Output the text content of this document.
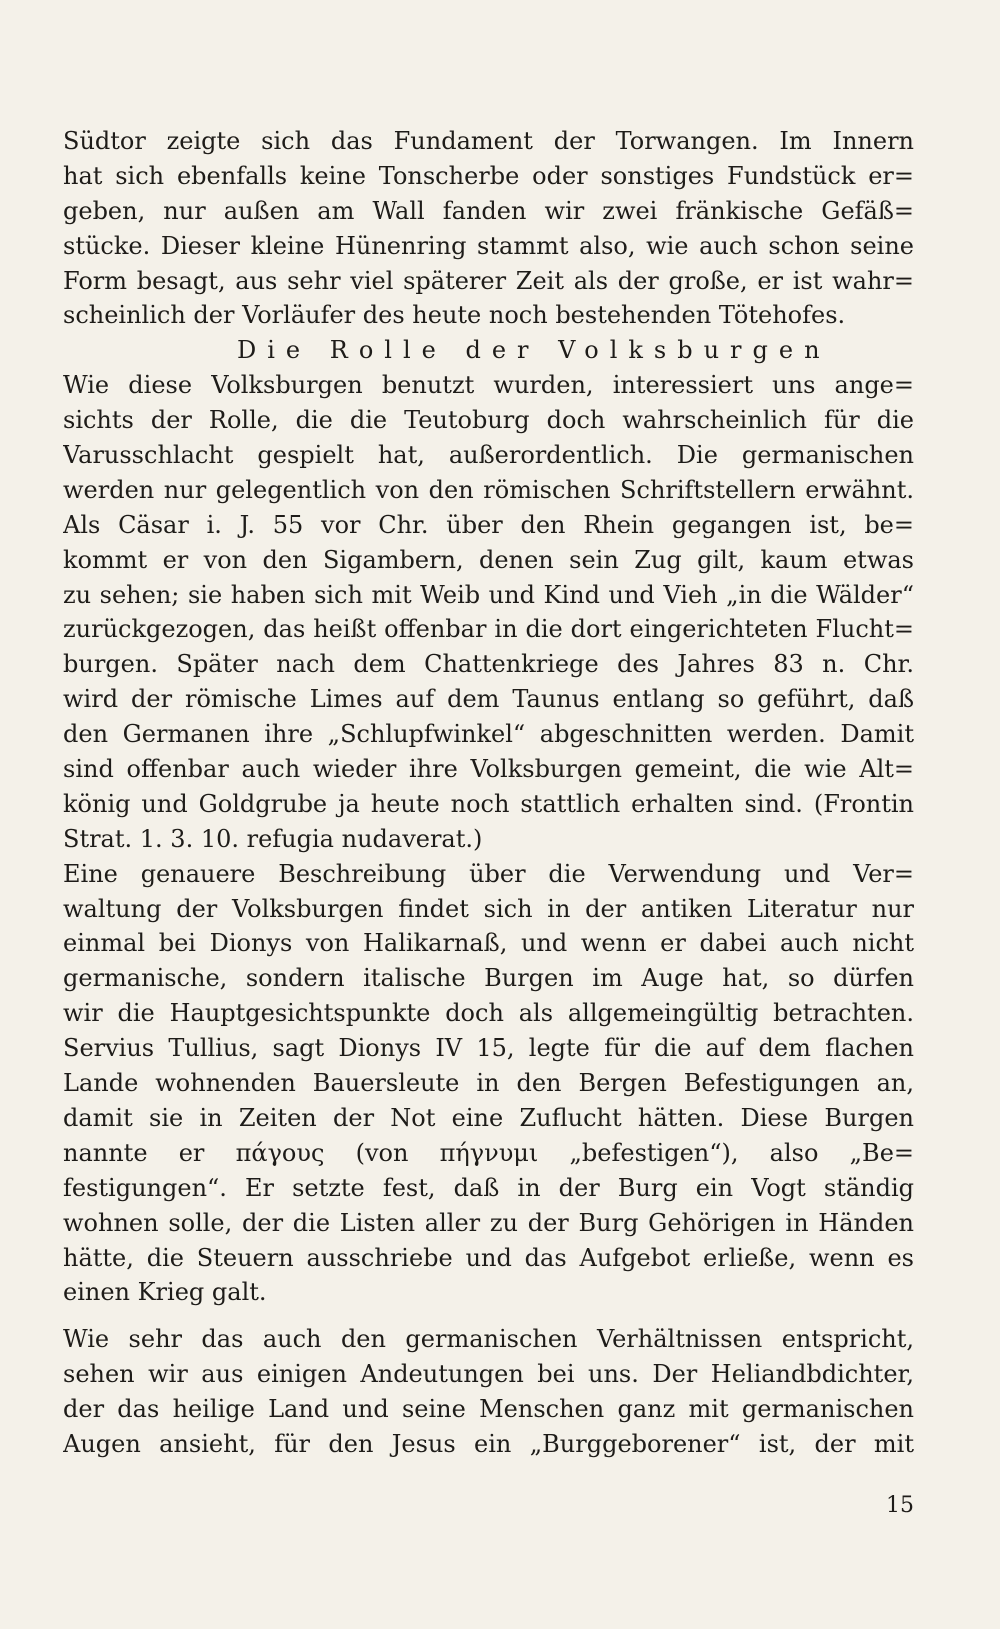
Südtor zeigte sich das Fundament der Torwangen. Im Innern
hat sich ebenfalls keine Tonscherbe oder sonstiges Fundstück er=
geben, nur außen am Wall fanden wir zwei fränkische Gefäß=
stücke. Dieser kleine Hünenring stammt also, wie auch schon seine
Form besagt, aus sehr viel späterer Zeit als der große, er ist wahr=
scheinlich der Vorläufer des heute noch bestehenden Tötehofes.
Die Rolle der Volksburgen
Wie diese Volksburgen benutzt wurden, interessiert uns ange=
sichts der Rolle, die die Teutoburg doch wahrscheinlich für die
Varusschlacht gespielt hat, außerordentlich. Die germanischen
werden nur gelegentlich von den römischen Schriftstellern erwähnt.
Als Cäsar i. J. 55 vor Chr. über den Rhein gegangen ist, be=
kommt er von den Sigambern, denen sein Zug gilt, kaum etwas
zu sehen; sie haben sich mit Weib und Kind und Vieh „in die Wälder“
zurückgezogen, das heißt offenbar in die dort eingerichteten Flucht=
burgen. Später nach dem Chattenkriege des Jahres 83 n. Chr.
wird der römische Limes auf dem Taunus entlang so geführt, daß
den Germanen ihre „Schlupfwinkel“ abgeschnitten werden. Damit
sind offenbar auch wieder ihre Volksburgen gemeint, die wie Alt=
könig und Goldgrube ja heute noch stattlich erhalten sind. (Frontin
Strat. 1. 3. 10. refugia nudaverat.)
Eine genauere Beschreibung über die Verwendung und Ver=
waltung der Volksburgen findet sich in der antiken Literatur nur
einmal bei Dionys von Halikarnaß, und wenn er dabei auch nicht
germanische, sondern italische Burgen im Auge hat, so dürfen
wir die Hauptgesichtspunkte doch als allgemeingültig betrachten.
Servius Tullius, sagt Dionys IV 15, legte für die auf dem flachen
Lande wohnenden Bauersleute in den Bergen Befestigungen an,
damit sie in Zeiten der Not eine Zuflucht hätten. Diese Burgen
nannte er πάγους (von πήγνυμι „befestigen“), also „Be=
festigungen“. Er setzte fest, daß in der Burg ein Vogt ständig
wohnen solle, der die Listen aller zu der Burg Gehörigen in Händen
hätte, die Steuern ausschriebe und das Aufgebot erließe, wenn es
einen Krieg galt.
Wie sehr das auch den germanischen Verhältnissen entspricht,
sehen wir aus einigen Andeutungen bei uns. Der Heliandbdichter,
der das heilige Land und seine Menschen ganz mit germanischen
Augen ansieht, für den Jesus ein „Burggeborener“ ist, der mit
15
